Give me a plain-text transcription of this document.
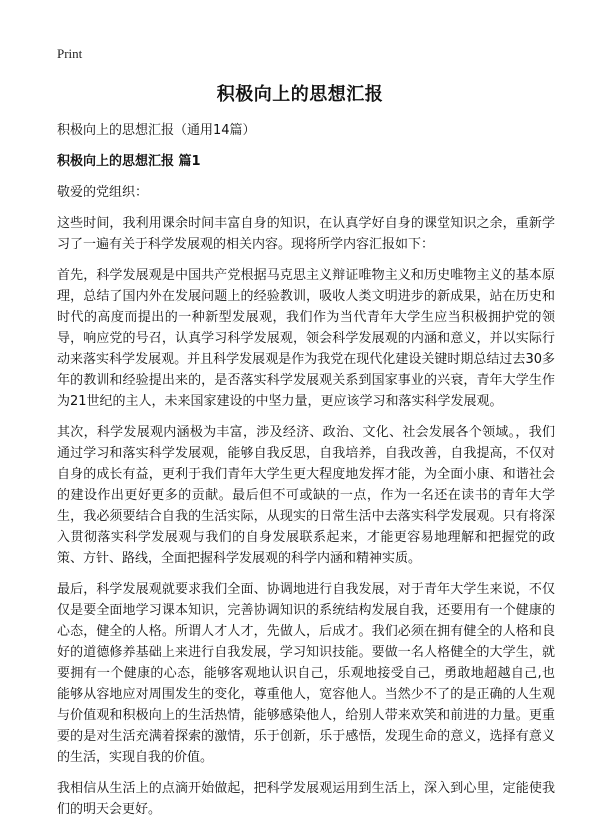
Print
积极向上的思想汇报

积极向上的思想汇报（通用14篇）

积极向上的思想汇报 篇1

敬爱的党组织：

这些时间，我利用课余时间丰富自身的知识，在认真学好自身的课堂知识之余，重新学习了一遍有关于科学发展观的相关内容。现将所学内容汇报如下：

首先，科学发展观是中国共产党根据马克思主义辩证唯物主义和历史唯物主义的基本原理，总结了国内外在发展问题上的经验教训，吸收人类文明进步的新成果，站在历史和时代的高度而提出的一种新型发展观，我们作为当代青年大学生应当积极拥护党的领导，响应党的号召，认真学习科学发展观，领会科学发展观的内涵和意义，并以实际行动来落实科学发展观。并且科学发展观是作为我党在现代化建设关键时期总结过去30多年的教训和经验提出来的，是否落实科学发展观关系到国家事业的兴衰，青年大学生作为21世纪的主人，未来国家建设的中坚力量，更应该学习和落实科学发展观。

其次，科学发展观内涵极为丰富，涉及经济、政治、文化、社会发展各个领域。，我们通过学习和落实科学发展观，能够自我反思，自我培养，自我改善，自我提高，不仅对自身的成长有益，更利于我们青年大学生更大程度地发挥才能，为全面小康、和谐社会的建设作出更好更多的贡献。最后但不可或缺的一点，作为一名还在读书的青年大学生，我必须要结合自我的生活实际，从现实的日常生活中去落实科学发展观。只有将深入贯彻落实科学发展观与我们的自身发展联系起来，才能更容易地理解和把握党的政策、方针、路线，全面把握科学发展观的科学内涵和精神实质。

最后，科学发展观就要求我们全面、协调地进行自我发展，对于青年大学生来说，不仅仅是要全面地学习课本知识，完善协调知识的系统结构发展自我，还要用有一个健康的心态，健全的人格。所谓人才人才，先做人，后成才。我们必须在拥有健全的人格和良好的道德修养基础上来进行自我发展，学习知识技能。要做一名人格健全的大学生，就要拥有一个健康的心态，能够客观地认识自己，乐观地接受自己，勇敢地超越自己,也能够从容地应对周围发生的变化，尊重他人，宽容他人。当然少不了的是正确的人生观与价值观和积极向上的生活热情，能够感染他人，给别人带来欢笑和前进的力量。更重要的是对生活充满着探索的激情，乐于创新，乐于感悟，发现生命的意义，选择有意义的生活，实现自我的价值。

我相信从生活上的点滴开始做起，把科学发展观运用到生活上，深入到心里，定能使我们的明天会更好。
